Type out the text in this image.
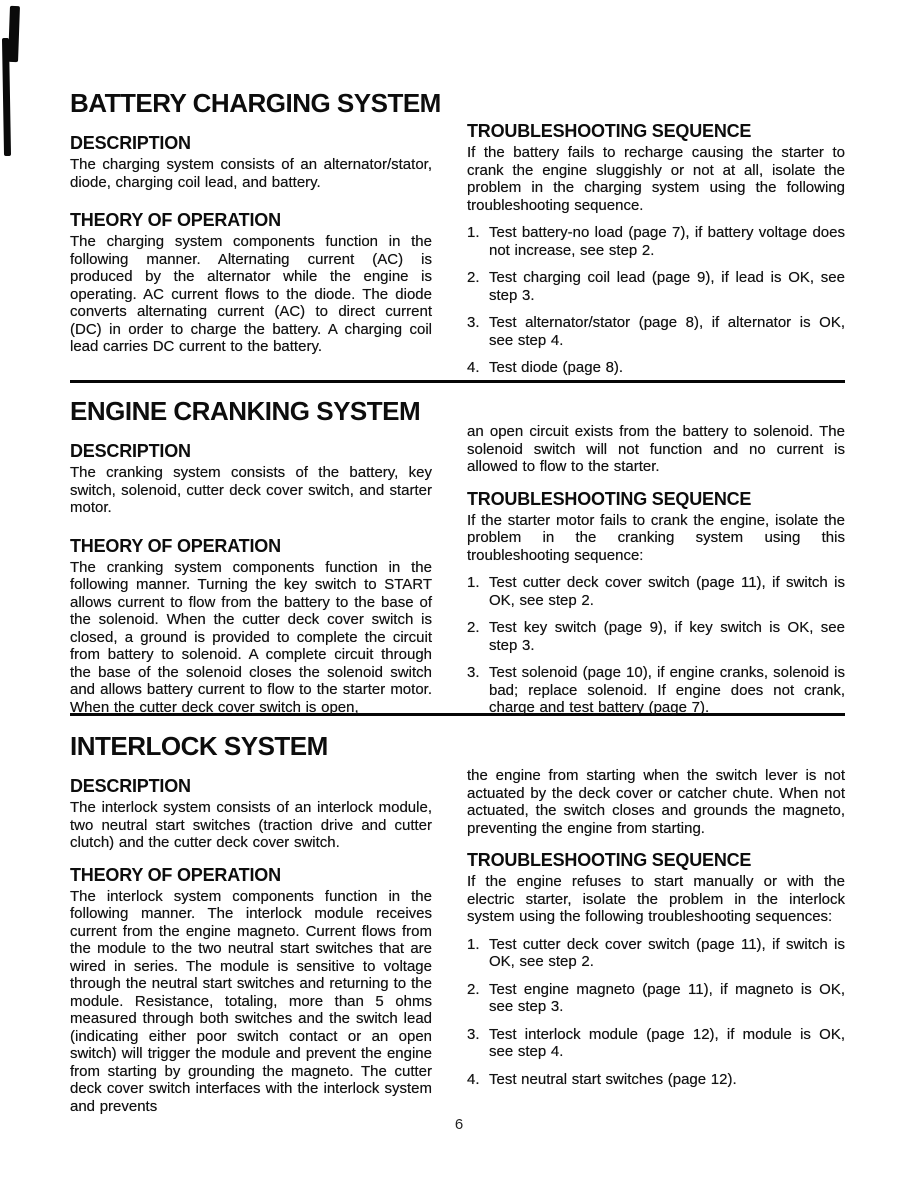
BATTERY CHARGING SYSTEM
DESCRIPTION

The charging system consists of an alternator/stator, diode, charging coil lead, and battery.

THEORY OF OPERATION

The charging system components function in the following manner. Alternating current (AC) is produced by the alternator while the engine is operating. AC current flows to the diode. The diode converts alternating current (AC) to direct current (DC) in order to charge the battery. A charging coil lead carries DC current to the battery.

TROUBLESHOOTING SEQUENCE

If the battery fails to recharge causing the starter to crank the engine sluggishly or not at all, isolate the problem in the charging system using the following troubleshooting sequence.

1. Test battery-no load (page 7), if battery voltage does not increase, see step 2.
2. Test charging coil lead (page 9), if lead is OK, see step 3.
3. Test alternator/stator (page 8), if alternator is OK, see step 4.
4. Test diode (page 8).
ENGINE CRANKING SYSTEM
DESCRIPTION

The cranking system consists of the battery, key switch, solenoid, cutter deck cover switch, and starter motor.

THEORY OF OPERATION

The cranking system components function in the following manner. Turning the key switch to START allows current to flow from the battery to the base of the solenoid. When the cutter deck cover switch is closed, a ground is provided to complete the circuit from battery to solenoid. A complete circuit through the base of the solenoid closes the solenoid switch and allows battery current to flow to the starter motor. When the cutter deck cover switch is open,

an open circuit exists from the battery to solenoid. The solenoid switch will not function and no current is allowed to flow to the starter.

TROUBLESHOOTING SEQUENCE

If the starter motor fails to crank the engine, isolate the problem in the cranking system using this troubleshooting sequence:

1. Test cutter deck cover switch (page 11), if switch is OK, see step 2.
2. Test key switch (page 9), if key switch is OK, see step 3.
3. Test solenoid (page 10), if engine cranks, solenoid is bad; replace solenoid. If engine does not crank, charge and test battery (page 7).
INTERLOCK SYSTEM
DESCRIPTION

The interlock system consists of an interlock module, two neutral start switches (traction drive and cutter clutch) and the cutter deck cover switch.

THEORY OF OPERATION

The interlock system components function in the following manner. The interlock module receives current from the engine magneto. Current flows from the module to the two neutral start switches that are wired in series. The module is sensitive to voltage through the neutral start switches and returning to the module. Resistance, totaling, more than 5 ohms measured through both switches and the switch lead (indicating either poor switch contact or an open switch) will trigger the module and prevent the engine from starting by grounding the magneto. The cutter deck cover switch interfaces with the interlock system and prevents

the engine from starting when the switch lever is not actuated by the deck cover or catcher chute. When not actuated, the switch closes and grounds the magneto, preventing the engine from starting.

TROUBLESHOOTING SEQUENCE

If the engine refuses to start manually or with the electric starter, isolate the problem in the interlock system using the following troubleshooting sequences:

1. Test cutter deck cover switch (page 11), if switch is OK, see step 2.
2. Test engine magneto (page 11), if magneto is OK, see step 3.
3. Test interlock module (page 12), if module is OK, see step 4.
4. Test neutral start switches (page 12).
6
